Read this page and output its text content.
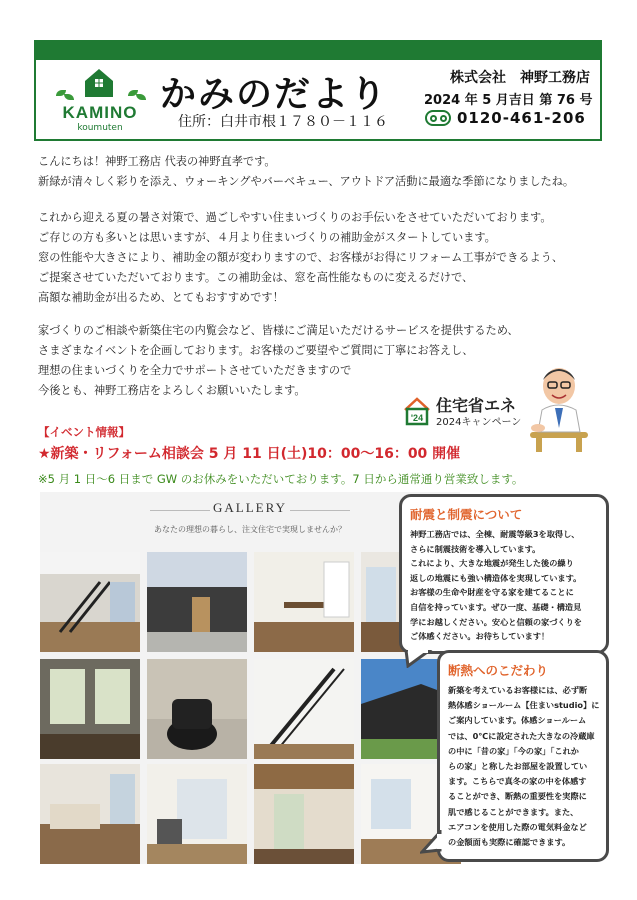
KAMINO
koumuten
かみのだより
住所：白井市根１７８０－１１６
株式会社　神野工務店
2024 年 5 月吉日 第 76 号
0120-461-206
こんにちは！神野工務店 代表の神野直孝です。
新緑が清々しく彩りを添え、ウォーキングやバーベキュー、アウトドア活動に最適な季節になりましたね。
これから迎える夏の暑さ対策で、過ごしやすい住まいづくりのお手伝いをさせていただいております。
ご存じの方も多いとは思いますが、４月より住まいづくりの補助金がスタートしています。
窓の性能や大きさにより、補助金の額が変わりますので、お客様がお得にリフォーム工事ができるよう、
ご提案させていただいております。この補助金は、窓を高性能なものに変えるだけで、
高額な補助金が出るため、とてもおすすめです！
家づくりのご相談や新築住宅の内覧会など、皆様にご満足いただけるサービスを提供するため、
さまざまなイベントを企画しております。お客様のご要望やご質問に丁寧にお答えし、
理想の住まいづくりを全力でサポートさせていただきますので
今後とも、神野工務店をよろしくお願いいたします。
【イベント情報】
★新築・リフォーム相談会 5 月 11 日(土)10：00〜16：00 開催
※5 月 1 日〜6 日まで GW のお休みをいただいております。7 日から通常通り営業致します。
'24
住宅省エネ
2024キャンペーン
GALLERY
あなたの理想の暮らし、注文住宅で実現しませんか？
耐震と制震について
神野工務店では、全棟、耐震等級3を取得し、
さらに制震技術を導入しています。
これにより、大きな地震が発生した後の繰り
返しの地震にも強い構造体を実現しています。
お客様の生命や財産を守る家を建てることに
自信を持っています。ぜひ一度、基礎・構造見
学にお越しください。安心と信頼の家づくりを
ご体感ください。お待ちしています！
断熱へのこだわり
新築を考えているお客様には、必ず断
熱体感ショールーム【住まいstudio】に
ご案内しています。体感ショールーム
では、0℃に設定された大きなの冷蔵庫
の中に「昔の家」「今の家」「これか
らの家」と称したお部屋を設置してい
ます。こちらで真冬の家の中を体感す
ることができ、断熱の重要性を実際に
肌で感じることができます。また、
エアコンを使用した際の電気料金など
の金額面も実際に確認できます。
